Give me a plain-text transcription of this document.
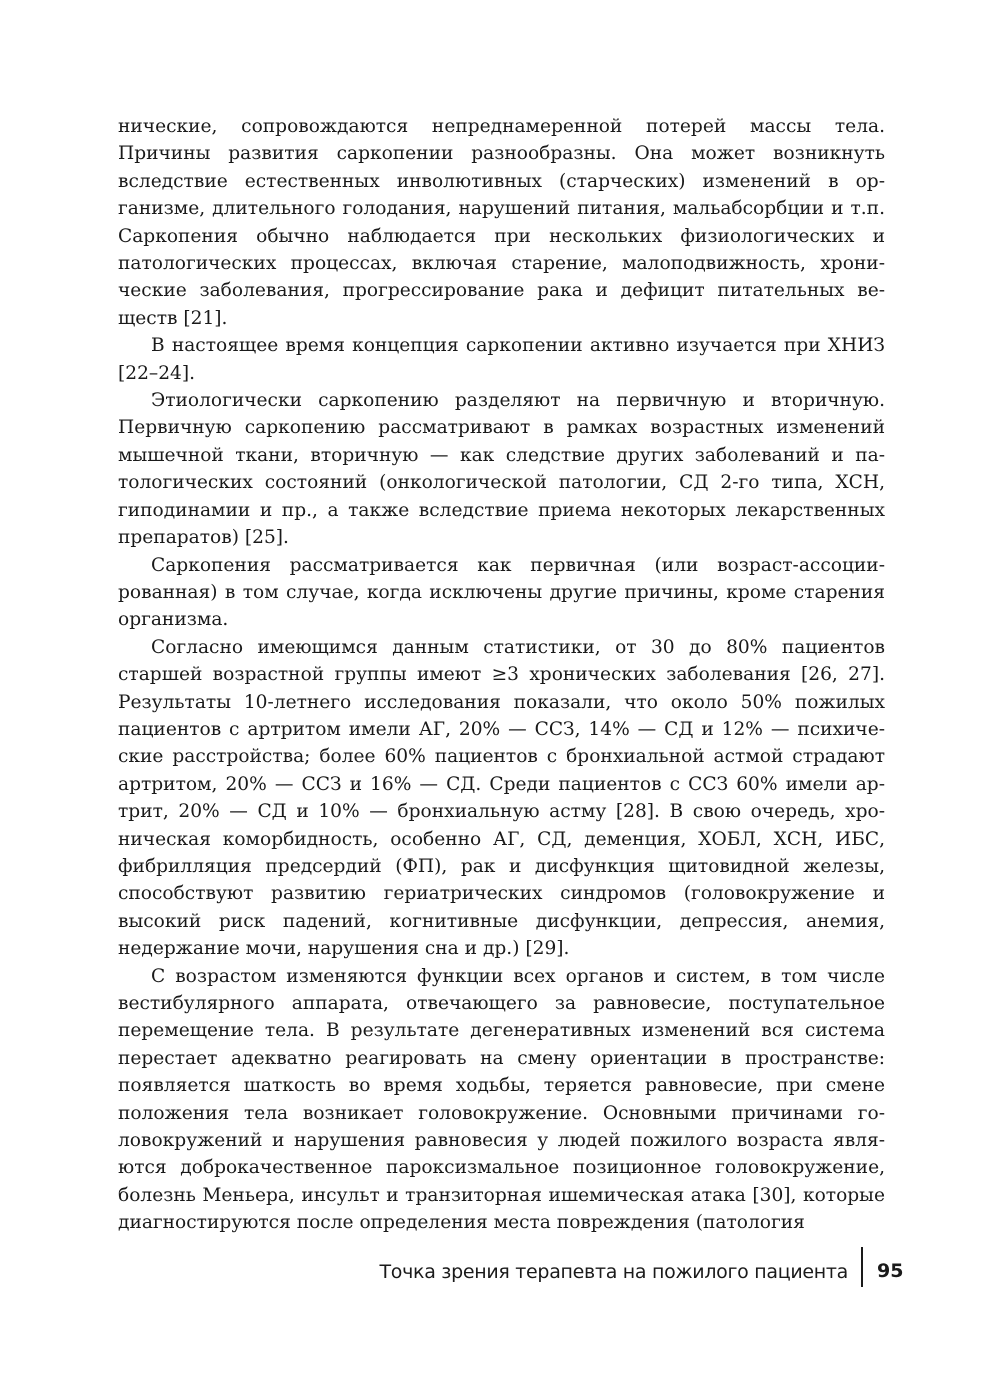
нические, сопровождаются непреднамеренной потерей массы тела. Причины развития саркопении разнообразны. Она может возникнуть вследствие естественных инволютивных (старческих) изменений в организме, длительного голодания, нарушений питания, мальабсорбции и т.п. Саркопения обычно наблюдается при нескольких физиологических и патологических процессах, включая старение, малоподвижность, хронические заболевания, прогрессирование рака и дефицит питательных веществ [21].

В настоящее время концепция саркопении активно изучается при ХНИЗ [22–24].

Этиологически саркопению разделяют на первичную и вторичную. Первичную саркопению рассматривают в рамках возрастных изменений мышечной ткани, вторичную — как следствие других заболеваний и патологических состояний (онкологической патологии, СД 2-го типа, ХСН, гиподинамии и пр., а также вследствие приема некоторых лекарственных препаратов) [25].

Саркопения рассматривается как первичная (или возраст-ассоциированная) в том случае, когда исключены другие причины, кроме старения организма.

Согласно имеющимся данным статистики, от 30 до 80% пациентов старшей возрастной группы имеют ≥3 хронических заболевания [26, 27]. Результаты 10-летнего исследования показали, что около 50% пожилых пациентов с артритом имели АГ, 20% — ССЗ, 14% — СД и 12% — психические расстройства; более 60% пациентов с бронхиальной астмой страдают артритом, 20% — ССЗ и 16% — СД. Среди пациентов с ССЗ 60% имели артрит, 20% — СД и 10% — бронхиальную астму [28]. В свою очередь, хроническая коморбидность, особенно АГ, СД, деменция, ХОБЛ, ХСН, ИБС, фибрилляция предсердий (ФП), рак и дисфункция щитовидной железы, способствуют развитию гериатрических синдромов (головокружение и высокий риск падений, когнитивные дисфункции, депрессия, анемия, недержание мочи, нарушения сна и др.) [29].

С возрастом изменяются функции всех органов и систем, в том числе вестибулярного аппарата, отвечающего за равновесие, поступательное перемещение тела. В результате дегенеративных изменений вся система перестает адекватно реагировать на смену ориентации в пространстве: появляется шаткость во время ходьбы, теряется равновесие, при смене положения тела возникает головокружение. Основными причинами головокружений и нарушения равновесия у людей пожилого возраста являются доброкачественное пароксизмальное позиционное головокружение, болезнь Меньера, инсульт и транзиторная ишемическая атака [30], которые диагностируются после определения места повреждения (патология

Точка зрения терапевта на пожилого пациента 95
